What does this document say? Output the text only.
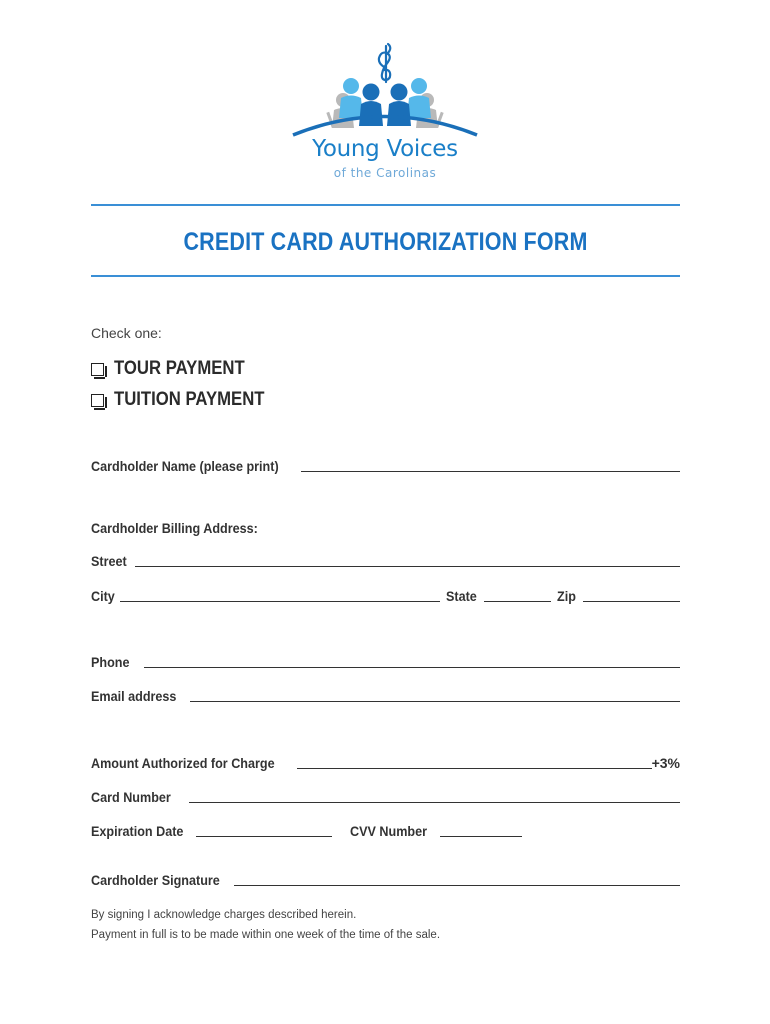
Young Voices
of the Carolinas
CREDIT CARD AUTHORIZATION FORM
Check one:
TOUR PAYMENT
TUITION PAYMENT
Cardholder Name (please print)
Cardholder Billing Address:
Street
City	State	Zip
Phone
Email address
Amount Authorized for Charge	+3%
Card Number
Expiration Date	CVV Number
Cardholder Signature
By signing I acknowledge charges described herein.
Payment in full is to be made within one week of the time of the sale.
